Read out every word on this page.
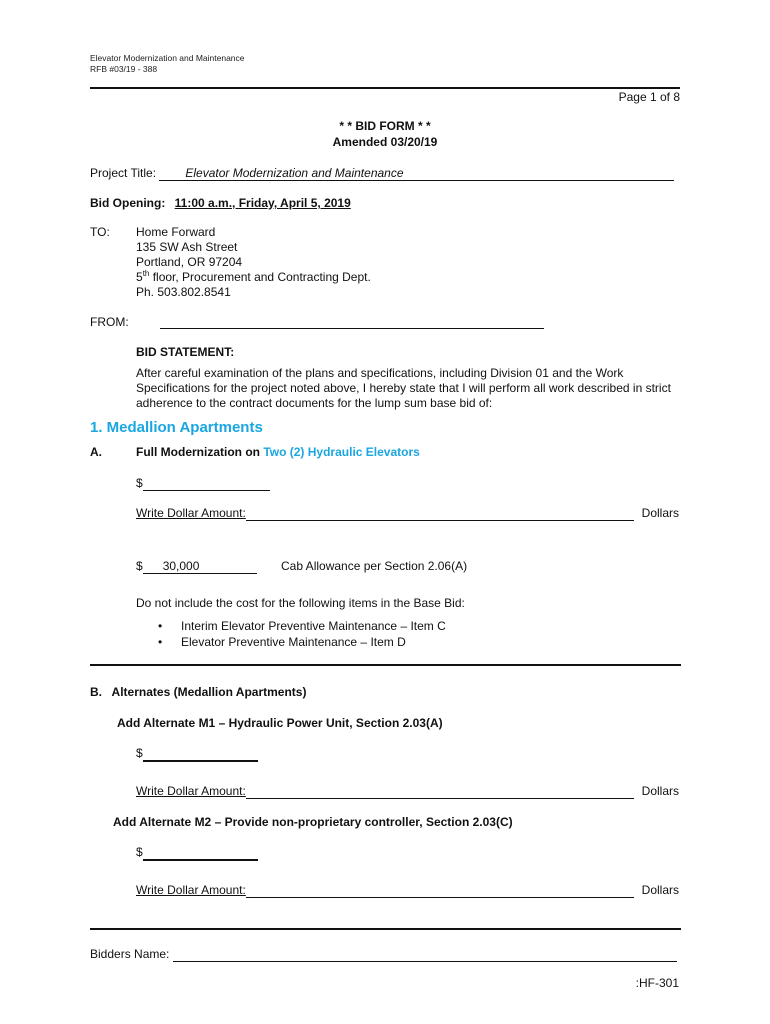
Elevator Modernization and Maintenance
RFB #03/19 - 388
Page 1 of 8
* * BID FORM * *
Amended 03/20/19
Project Title: Elevator Modernization and Maintenance

Bid Opening: 11:00 a.m., Friday, April 5, 2019
TO: Home Forward
135 SW Ash Street
Portland, OR 97204
5th floor, Procurement and Contracting Dept.
Ph. 503.802.8541
FROM:
BID STATEMENT:
After careful examination of the plans and specifications, including Division 01 and the Work Specifications for the project noted above, I hereby state that I will perform all work described in strict adherence to the contract documents for the lump sum base bid of:
1. Medallion Apartments
A.	Full Modernization on Two (2) Hydraulic Elevators
$
Write Dollar Amount:	Dollars
$ 30,000
	Cab Allowance per Section 2.06(A)
Do not include the cost for the following items in the Base Bid:
• Interim Elevator Preventive Maintenance – Item C
• Elevator Preventive Maintenance – Item D
B.   Alternates (Medallion Apartments)
Add Alternate M1 – Hydraulic Power Unit, Section 2.03(A)
$
Write Dollar Amount:	Dollars
Add Alternate M2 – Provide non-proprietary controller, Section 2.03(C)
$
Write Dollar Amount:	Dollars
Bidders Name:
:HF-301
